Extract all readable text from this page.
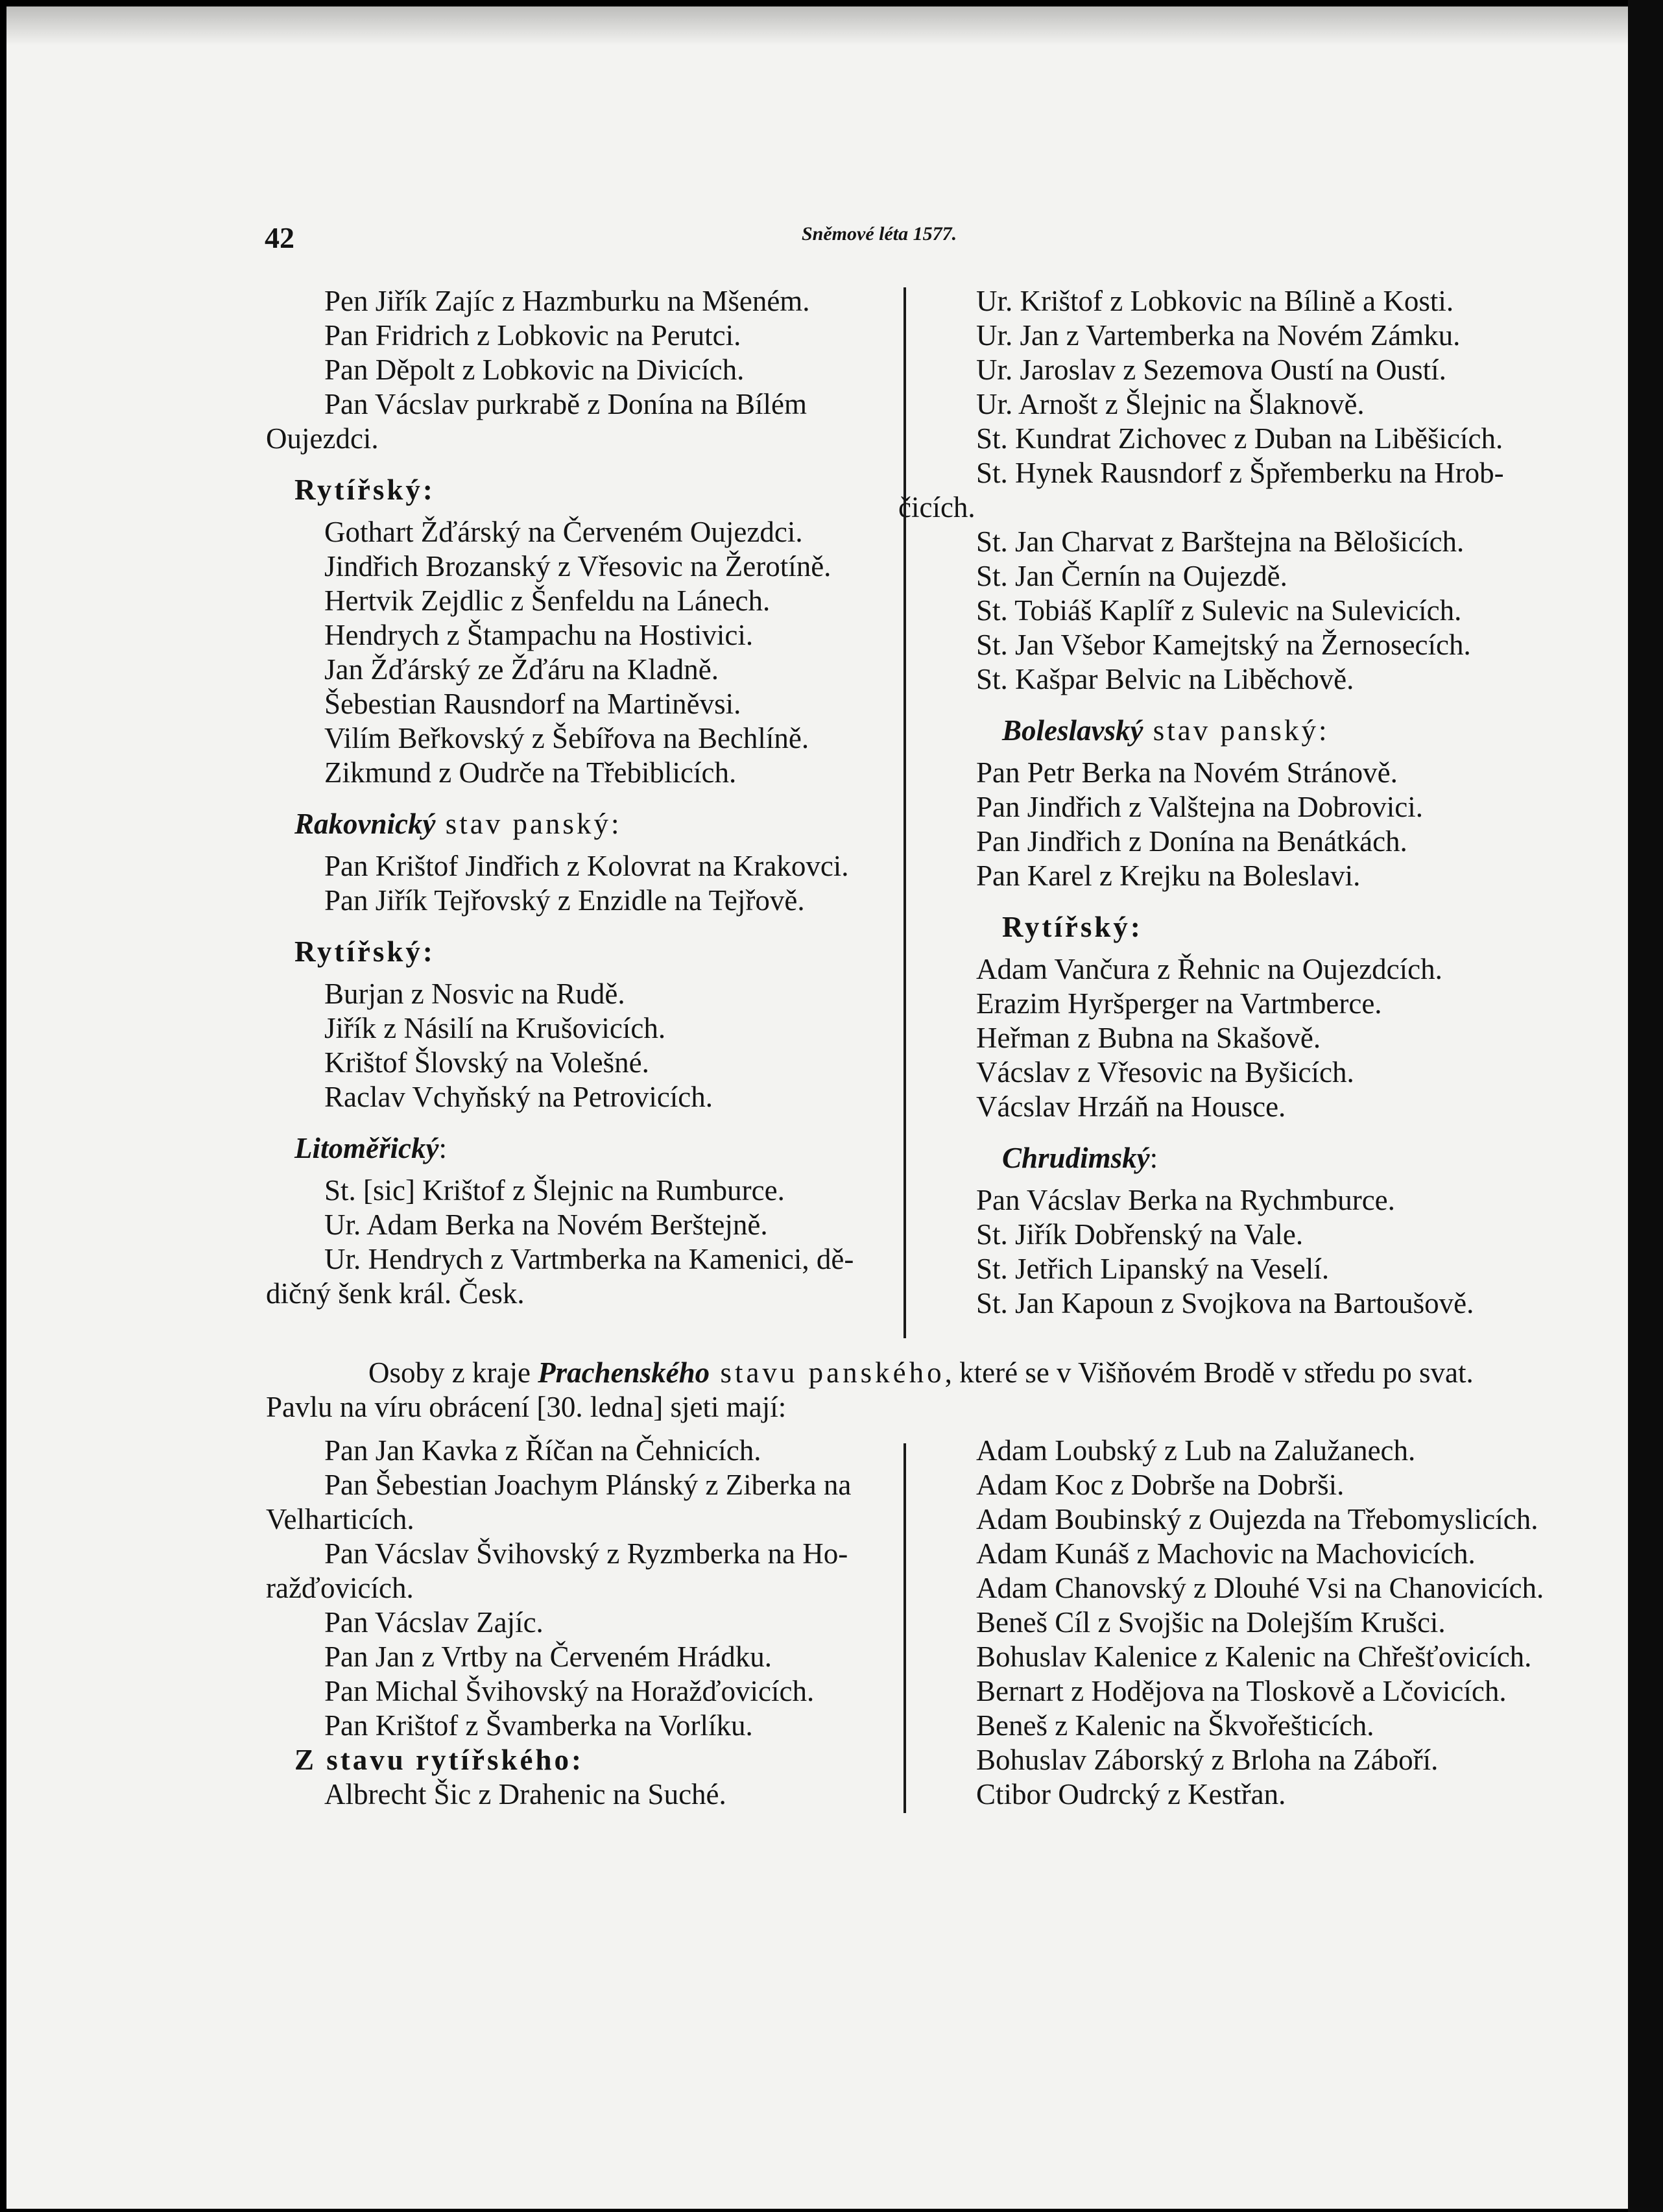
42	Sněmové léta 1577.
Pen Jiřík Zajíc z Hazmburku na Mšeném.
Pan Fridrich z Lobkovic na Perutci.
Pan Děpolt z Lobkovic na Divicích.
Pan Vácslav purkrabě z Donína na Bílém
Oujezdci.
Rytířský:
Gothart Žďárský na Červeném Oujezdci.
Jindřich Brozanský z Vřesovic na Žerotíně.
Hertvik Zejdlic z Šenfeldu na Lánech.
Hendrych z Štampachu na Hostivici.
Jan Žďárský ze Žďáru na Kladně.
Šebestian Rausndorf na Martiněvsi.
Vilím Beřkovský z Šebířova na Bechlíně.
Zikmund z Oudrče na Třebiblicích.
Rakovnický stav panský:
Pan Krištof Jindřich z Kolovrat na Krakovci.
Pan Jiřík Tejřovský z Enzidle na Tejřově.
Rytířský:
Burjan z Nosvic na Rudě.
Jiřík z Násilí na Krušovicích.
Krištof Šlovský na Volešné.
Raclav Vchyňský na Petrovicích.
Litoměřický:
St. [sic] Krištof z Šlejnic na Rumburce.
Ur. Adam Berka na Novém Berštejně.
Ur. Hendrych z Vartmberka na Kamenici, dě-
dičný šenk král. Česk.
Ur. Krištof z Lobkovic na Bílině a Kosti.
Ur. Jan z Vartemberka na Novém Zámku.
Ur. Jaroslav z Sezemova Oustí na Oustí.
Ur. Arnošt z Šlejnic na Šlaknově.
St. Kundrat Zichovec z Duban na Liběšicích.
St. Hynek Rausndorf z Špřemberku na Hrob-
čicích.
St. Jan Charvat z Barštejna na Bělošicích.
St. Jan Černín na Oujezdě.
St. Tobiáš Kaplíř z Sulevic na Sulevicích.
St. Jan Všebor Kamejtský na Žernosecích.
St. Kašpar Belvic na Liběchově.
Boleslavský stav panský:
Pan Petr Berka na Novém Stránově.
Pan Jindřich z Valštejna na Dobrovici.
Pan Jindřich z Donína na Benátkách.
Pan Karel z Krejku na Boleslavi.
Rytířský:
Adam Vančura z Řehnic na Oujezdcích.
Erazim Hyršperger na Vartmberce.
Heřman z Bubna na Skašově.
Vácslav z Vřesovic na Byšicích.
Vácslav Hrzáň na Housce.
Chrudimský:
Pan Vácslav Berka na Rychmburce.
St. Jiřík Dobřenský na Vale.
St. Jetřich Lipanský na Veselí.
St. Jan Kapoun z Svojkova na Bartoušově.
Osoby z kraje Prachenského stavu panského, které se v Višňovém Brodě v středu po svat.
Pavlu na víru obrácení [30. ledna] sjeti mají:
Pan Jan Kavka z Říčan na Čehnicích.
Pan Šebestian Joachym Plánský z Ziberka na
Velharticích.
Pan Vácslav Švihovský z Ryzmberka na Ho-
ražďovicích.
Pan Vácslav Zajíc.
Pan Jan z Vrtby na Červeném Hrádku.
Pan Michal Švihovský na Horažďovicích.
Pan Krištof z Švamberka na Vorlíku.
Z stavu rytířského:
Albrecht Šic z Drahenic na Suché.
Adam Loubský z Lub na Zalužanech.
Adam Koc z Dobrše na Dobrši.
Adam Boubinský z Oujezda na Třebomyslicích.
Adam Kunáš z Machovic na Machovicích.
Adam Chanovský z Dlouhé Vsi na Chanovicích.
Beneš Cíl z Svojšic na Dolejším Krušci.
Bohuslav Kalenice z Kalenic na Chřešťovicích.
Bernart z Hodějova na Tloskově a Lčovicích.
Beneš z Kalenic na Škvořešticích.
Bohuslav Záborský z Brloha na Záboří.
Ctibor Oudrcký z Kestřan.
